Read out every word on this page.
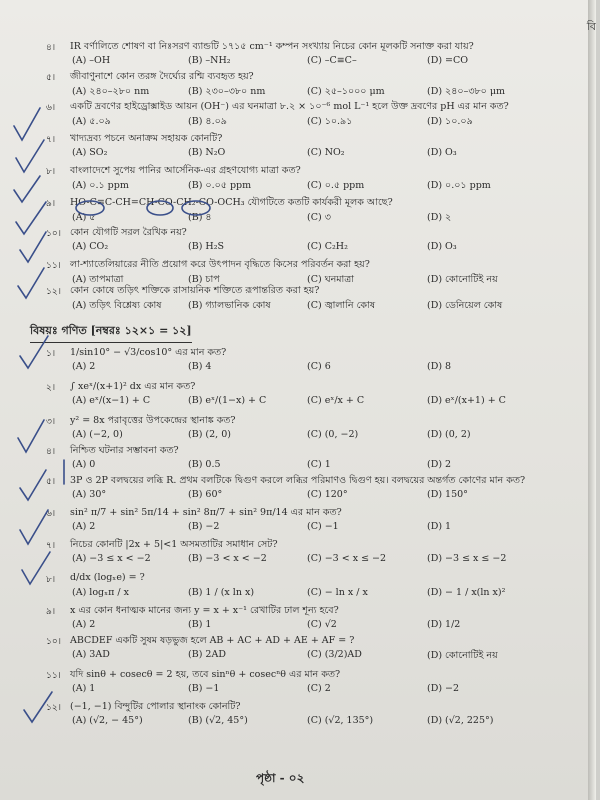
বি
৪। IR বর্ণালিতে শোষণ বা নিঃসরণ ব্যান্ডটি ১৭১৫ cm⁻¹ কম্পন সংখ্যায় নিচের কোন মূলকটি সনাক্ত করা যায়?
(A) –OH	(B) –NH₂	(C) –C≡C–	(D) =CO
৫। জীবাণুনাশে কোন তরঙ্গ দৈর্ঘ্যের রশ্মি ব্যবহৃত হয়?
(A) ২৪০–২৮০ nm	(B) ২৩০–৩৮০ nm	(C) ২৫–১০০০ μm	(D) ২৪০–৩৮০ μm
৬। একটি দ্রবণের হাইড্রোক্সাইড আয়ন (OH⁻) এর ঘনমাত্রা ৮.২ × ১০⁻⁶ mol L⁻¹ হলে উক্ত দ্রবণের pH এর মান কত?
(A) ৫.০৯	(B) ৪.০৯	(C) ১০.৯১	(D) ১০.০৯
৭। খাদ্যদ্রব্য পচনে অনাক্রম সহায়ক কোনটি?
(A) SO₂	(B) N₂O	(C) NO₂	(D) O₃
৮। বাংলাদেশে সুপেয় পানির আর্সেনিক-এর গ্রহণযোগ্য মাত্রা কত?
(A) ০.১ ppm	(B) ০.০৫ ppm	(C) ০.৫ ppm	(D) ০.০১ ppm
৯। HO-C≡C-CH=CH-CO-CH₂-CO-OCH₃ যৌগটিতে কতটি কার্যকরী মূলক আছে?
(A) ৫	(B) ৪	(C) ৩	(D) ২
১০। কোন যৌগটি সরল রৈখিক নয়?
(A) CO₂	(B) H₂S	(C) C₂H₂	(D) O₃
১১। লা-শ্যাতেলিয়ারের নীতি প্রয়োগ করে উৎপাদন বৃদ্ধিতে কিসের পরিবর্তন করা হয়?
(A) তাপমাত্রা	(B) চাপ	(C) ঘনমাত্রা	(D) কোনোটিই নয়
১২। কোন কোষে তড়িৎ শক্তিকে রাসায়নিক শক্তিতে রূপান্তরিত করা হয়?
(A) তড়িৎ বিশ্লেষ্য কোষ	(B) গ্যালভানিক কোষ	(C) জ্বালানি কোষ	(D) ডেনিয়েল কোষ
বিষয়ঃ গণিত [নম্বরঃ ১২×১ = ১২]
১। 1/sin10° − √3/cos10° এর মান কত?
(A) 2	(B) 4	(C) 6	(D) 8
২। ∫ xeˣ/(x+1)² dx এর মান কত?
(A) eˣ/(x−1) + C	(B) eˣ/(1−x) + C	(C) eˣ/x + C	(D) eˣ/(x+1) + C
৩। y² = 8x পরাবৃত্তের উপকেন্দ্রের স্থানাঙ্ক কত?
(A) (−2, 0)	(B) (2, 0)	(C) (0, −2)	(D) (0, 2)
৪। নিশ্চিত ঘটনার সম্ভাবনা কত?
(A) 0	(B) 0.5	(C) 1	(D) 2
৫। 3P ও 2P বলদ্বয়ের লব্ধি R. প্রথম বলটিকে দ্বিগুণ করলে লব্ধির পরিমাণও দ্বিগুণ হয়। বলদ্বয়ের অন্তর্গত কোণের মান কত?
(A) 30°	(B) 60°	(C) 120°	(D) 150°
৬। sin² π/7 + sin² 5π/14 + sin² 8π/7 + sin² 9π/14 এর মান কত?
(A) 2	(B) −2	(C) −1	(D) 1
৭। নিচের কোনটি |2x + 5|<1 অসমতাটির সমাধান সেট?
(A) −3 ≤ x < −2	(B) −3 < x < −2	(C) −3 < x ≤ −2	(D) −3 ≤ x ≤ −2
৮। d/dx (logₓe) = ?
(A) logₓπ / x	(B) 1 / (x ln x)	(C) − ln x / x	(D) − 1 / x(ln x)²
৯। x এর কোন ধনাত্মক মানের জন্য y = x + x⁻¹ রেখাটির ঢাল শূন্য হবে?
(A) 2	(B) 1	(C) √2	(D) 1/2
১০। ABCDEF একটি সুষম ষড়ভুজ হলে AB + AC + AD + AE + AF = ?
(A) 3AD	(B) 2AD	(C) (3/2)AD	(D) কোনোটিই নয়
১১। যদি sinθ + cosecθ = 2 হয়, তবে sinⁿθ + cosecⁿθ এর মান কত?
(A) 1	(B) −1	(C) 2	(D) −2
১২। (−1, −1) বিন্দুটির পোলার স্থানাংক কোনটি?
(A) (√2, − 45°)	(B) (√2, 45°)	(C) (√2, 135°)	(D) (√2, 225°)
পৃষ্ঠা - ০২
